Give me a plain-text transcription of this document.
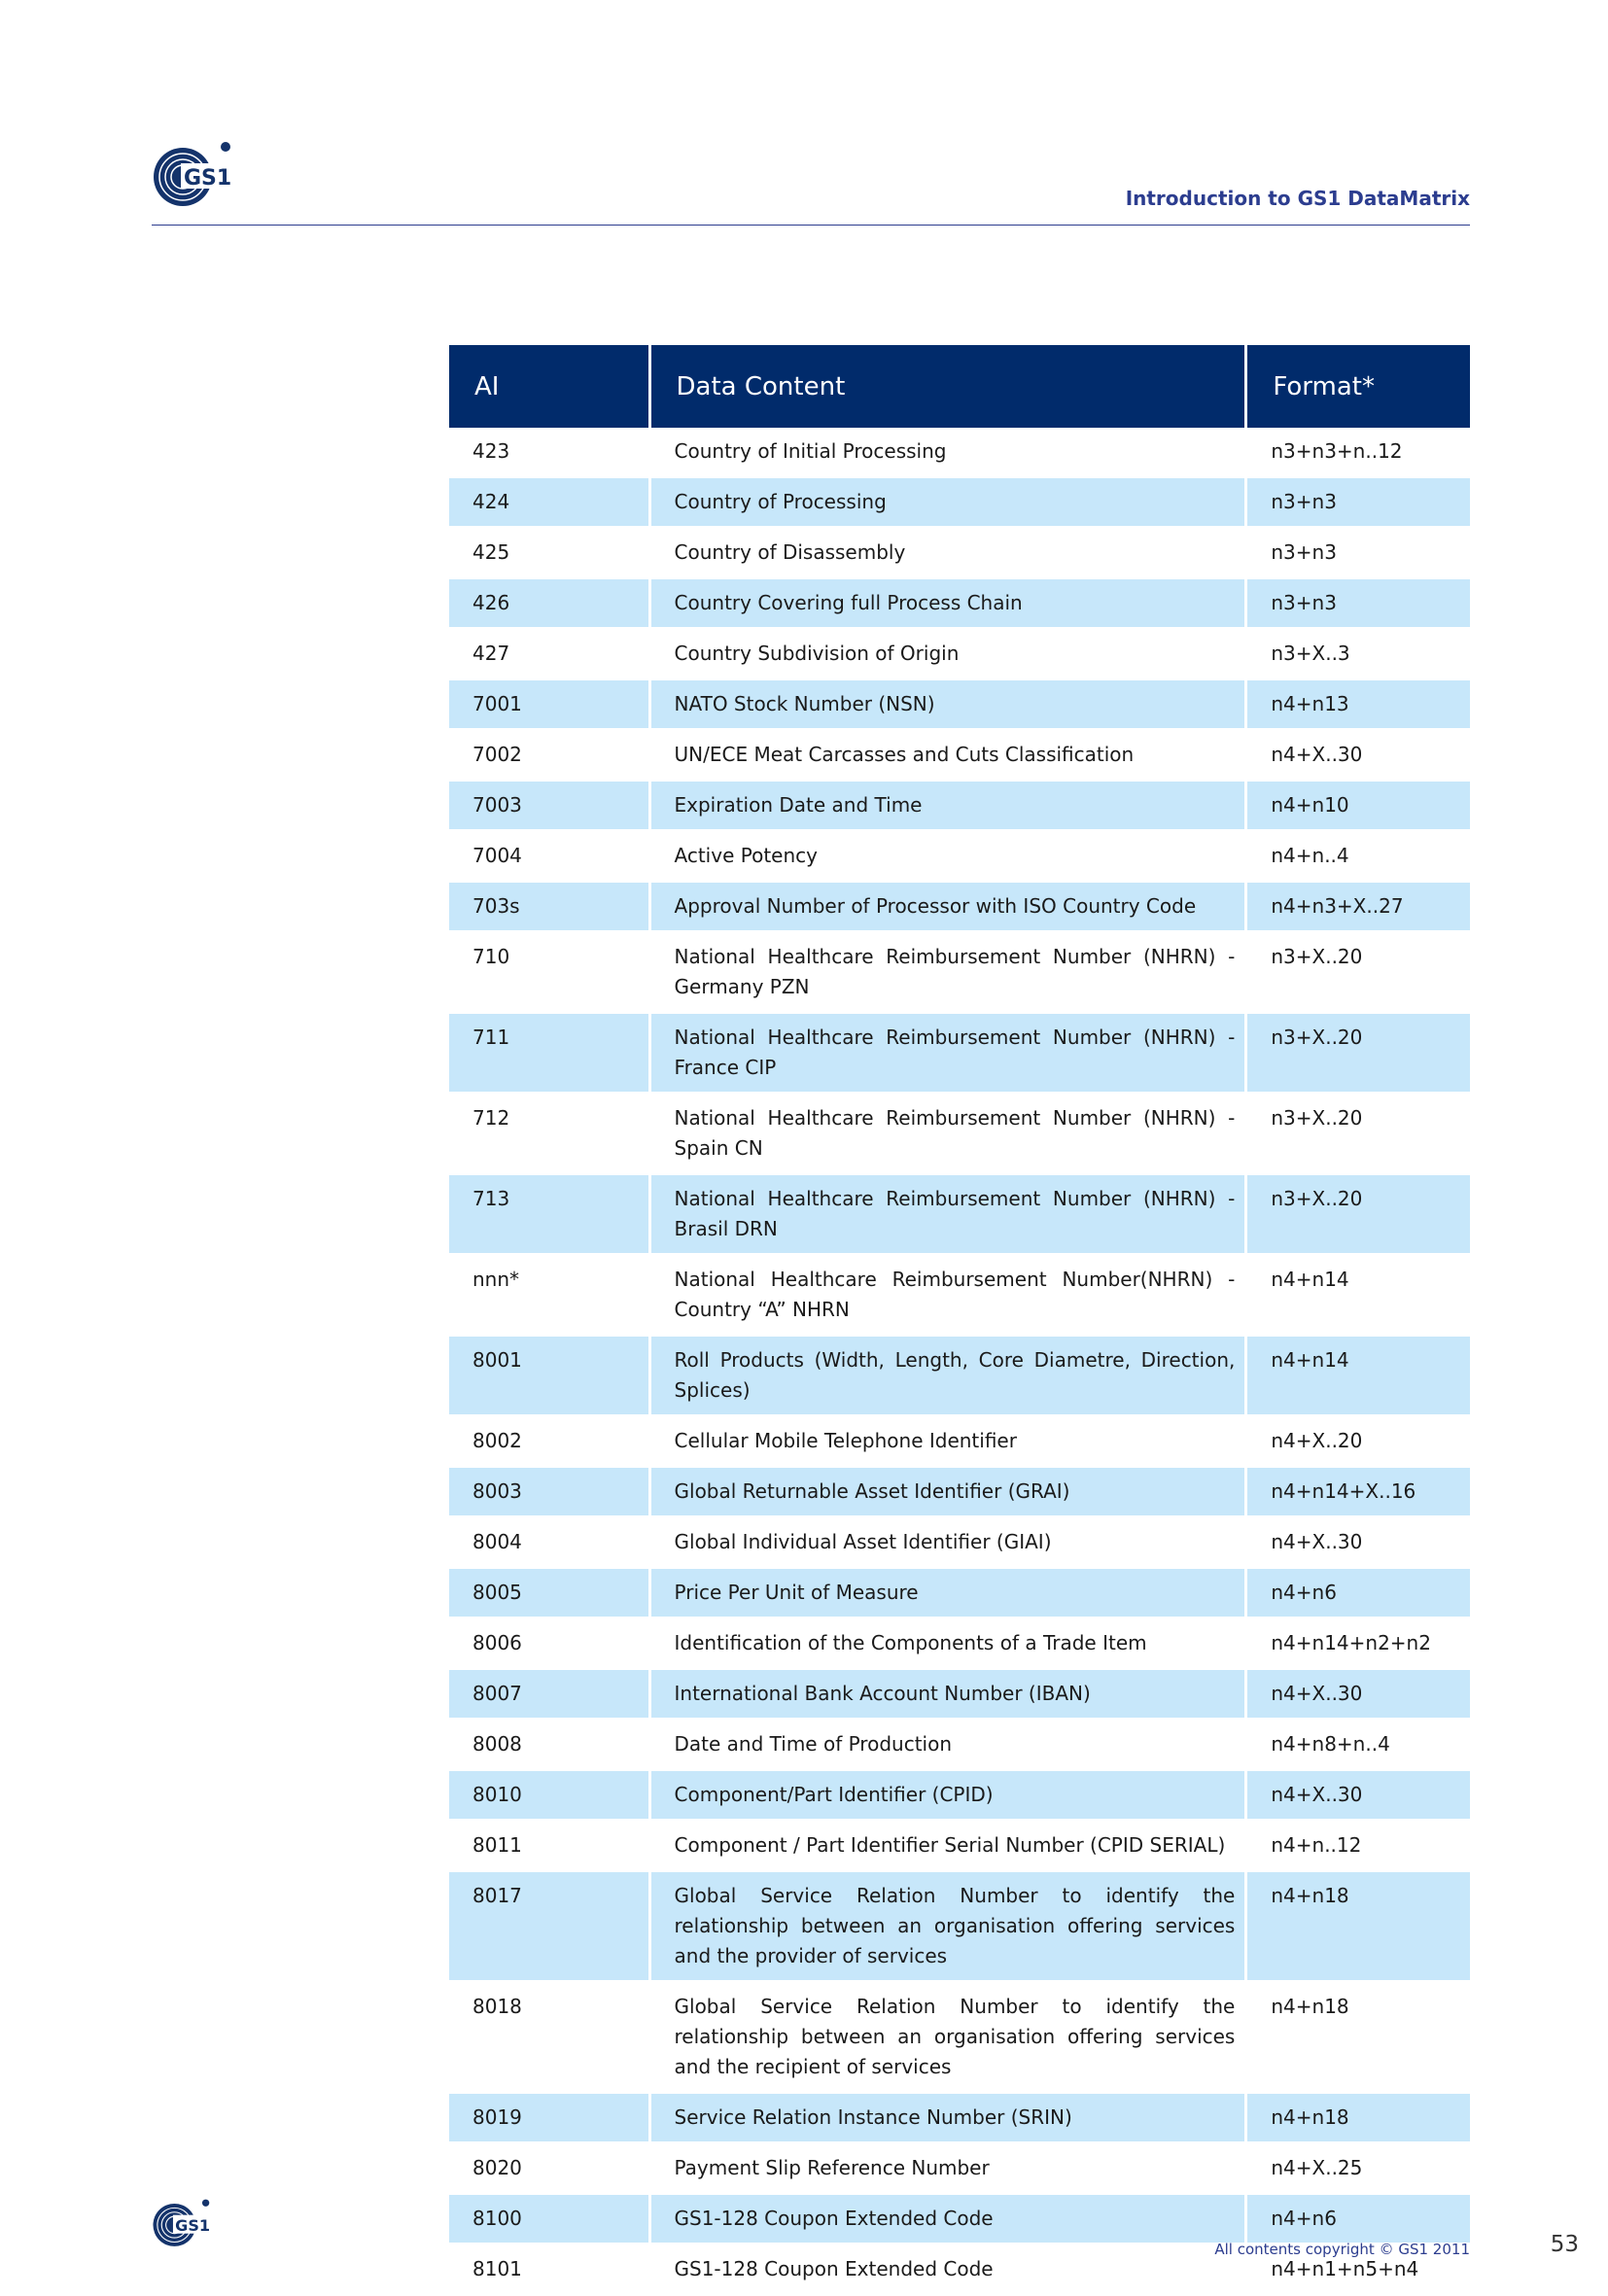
GS1
Introduction to GS1 DataMatrix
AI	Data Content	Format*
423	Country of Initial Processing	n3+n3+n..12
424	Country of Processing	n3+n3
425	Country of Disassembly	n3+n3
426	Country Covering full Process Chain	n3+n3
427	Country Subdivision of Origin	n3+X..3
7001	NATO Stock Number (NSN)	n4+n13
7002	UN/ECE Meat Carcasses and Cuts Classification	n4+X..30
7003	Expiration Date and Time	n4+n10
7004	Active Potency	n4+n..4
703s	Approval Number of Processor with ISO Country Code	n4+n3+X..27
710	National Healthcare Reimbursement Number (NHRN) - Germany PZN	n3+X..20
711	National Healthcare Reimbursement Number (NHRN) - France CIP	n3+X..20
712	National Healthcare Reimbursement Number (NHRN) - Spain CN	n3+X..20
713	National Healthcare Reimbursement Number (NHRN) - Brasil DRN	n3+X..20
nnn*	National Healthcare Reimbursement Number(NHRN) - Country “A” NHRN	n4+n14
8001	Roll Products (Width, Length, Core Diametre, Direction, Splices)	n4+n14
8002	Cellular Mobile Telephone Identifier	n4+X..20
8003	Global Returnable Asset Identifier (GRAI)	n4+n14+X..16
8004	Global Individual Asset Identifier (GIAI)	n4+X..30
8005	Price Per Unit of Measure	n4+n6
8006	Identification of the Components of a Trade Item	n4+n14+n2+n2
8007	International Bank Account Number (IBAN)	n4+X..30
8008	Date and Time of Production	n4+n8+n..4
8010	Component/Part Identifier (CPID)	n4+X..30
8011	Component / Part Identifier Serial Number (CPID SERIAL)	n4+n..12
8017	Global Service Relation Number to identify the relationship between an organisation offering services and the provider of services	n4+n18
8018	Global Service Relation Number to identify the relationship between an organisation offering services and the recipient of services	n4+n18
8019	Service Relation Instance Number (SRIN)	n4+n18
8020	Payment Slip Reference Number	n4+X..25
8100	GS1-128 Coupon Extended Code	n4+n6
8101	GS1-128 Coupon Extended Code	n4+n1+n5+n4
GS1
All contents copyright © GS1 2011	53
